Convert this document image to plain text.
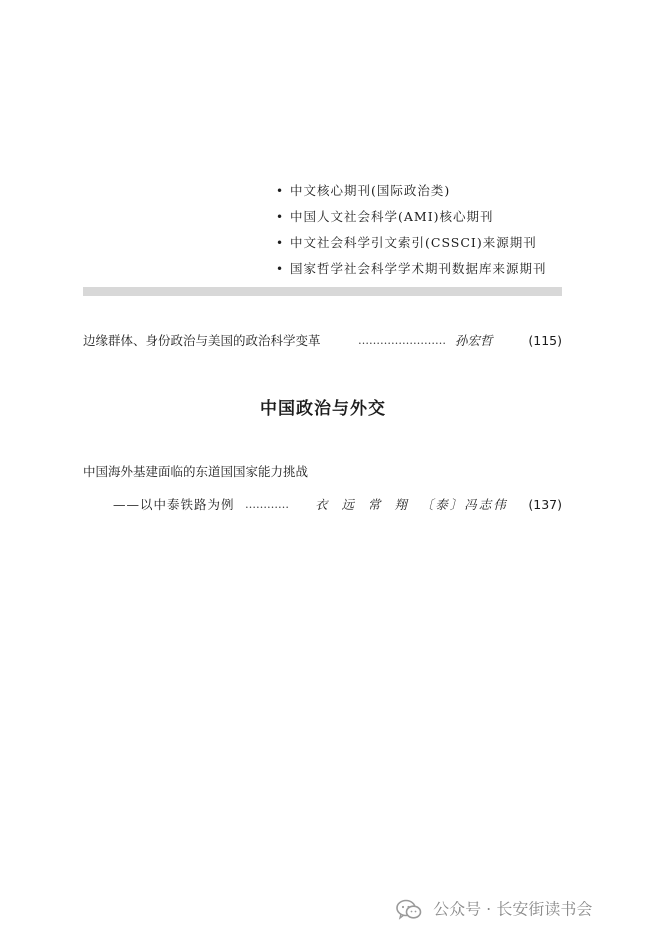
• 中文核心期刊(国际政治类)
• 中国人文社会科学(AMI)核心期刊
• 中文社会科学引文索引(CSSCI)来源期刊
• 国家哲学社会科学学术期刊数据库来源期刊
边缘群体、身份政治与美国的政治科学变革	…………………… 孙宏哲	(115)
中国政治与外交
中国海外基建面临的东道国国家能力挑战
——以中泰铁路为例 ………… 衣  远  常  翔  〔泰〕冯志伟 (137)
公众号 · 长安街读书会
